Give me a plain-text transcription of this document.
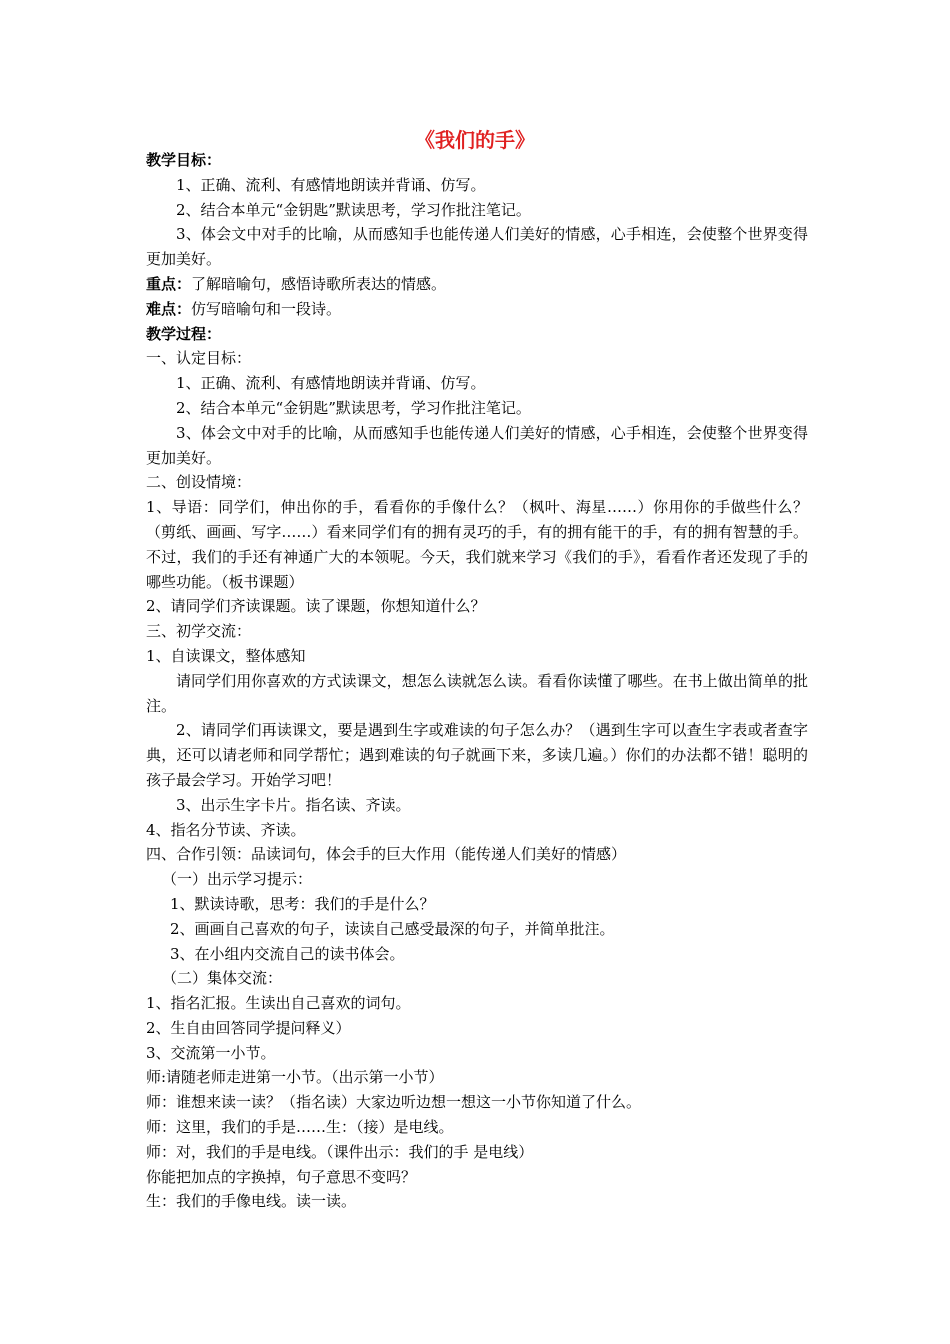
《我们的手》

教学目标：

1、正确、流利、有感情地朗读并背诵、仿写。

2、结合本单元“金钥匙”默读思考，学习作批注笔记。

3、体会文中对手的比喻，从而感知手也能传递人们美好的情感，心手相连，会使整个世界变得更加美好。

重点：了解暗喻句，感悟诗歌所表达的情感。

难点：仿写暗喻句和一段诗。

教学过程：

一、认定目标：

1、正确、流利、有感情地朗读并背诵、仿写。

2、结合本单元“金钥匙”默读思考，学习作批注笔记。

3、体会文中对手的比喻，从而感知手也能传递人们美好的情感，心手相连，会使整个世界变得更加美好。

二、创设情境：

1、导语：同学们，伸出你的手，看看你的手像什么？（枫叶、海星……）你用你的手做些什么？（剪纸、画画、写字……）看来同学们有的拥有灵巧的手，有的拥有能干的手，有的拥有智慧的手。不过，我们的手还有神通广大的本领呢。今天，我们就来学习《我们的手》，看看作者还发现了手的哪些功能。（板书课题）

2、请同学们齐读课题。读了课题，你想知道什么？

三、初学交流：

1、自读课文，整体感知

请同学们用你喜欢的方式读课文，想怎么读就怎么读。看看你读懂了哪些。在书上做出简单的批注。

2、请同学们再读课文，要是遇到生字或难读的句子怎么办？（遇到生字可以查生字表或者查字典，还可以请老师和同学帮忙；遇到难读的句子就画下来，多读几遍。）你们的办法都不错！聪明的孩子最会学习。开始学习吧！

3、出示生字卡片。指名读、齐读。

4、指名分节读、齐读。

四、合作引领：品读词句，体会手的巨大作用（能传递人们美好的情感）

（一）出示学习提示：

1、默读诗歌，思考：我们的手是什么？

2、画画自己喜欢的句子，读读自己感受最深的句子，并简单批注。

3、在小组内交流自己的读书体会。

（二）集体交流：

1、指名汇报。生读出自己喜欢的词句。

2、生自由回答同学提问释义）

3、交流第一小节。

师:请随老师走进第一小节。（出示第一小节）

师：谁想来读一读？（指名读）大家边听边想一想这一小节你知道了什么。

师：这里，我们的手是……生：（接）是电线。

师：对，我们的手是电线。（课件出示：我们的手 是电线）

你能把加点的字换掉，句子意思不变吗？

生：我们的手像电线。读一读。
